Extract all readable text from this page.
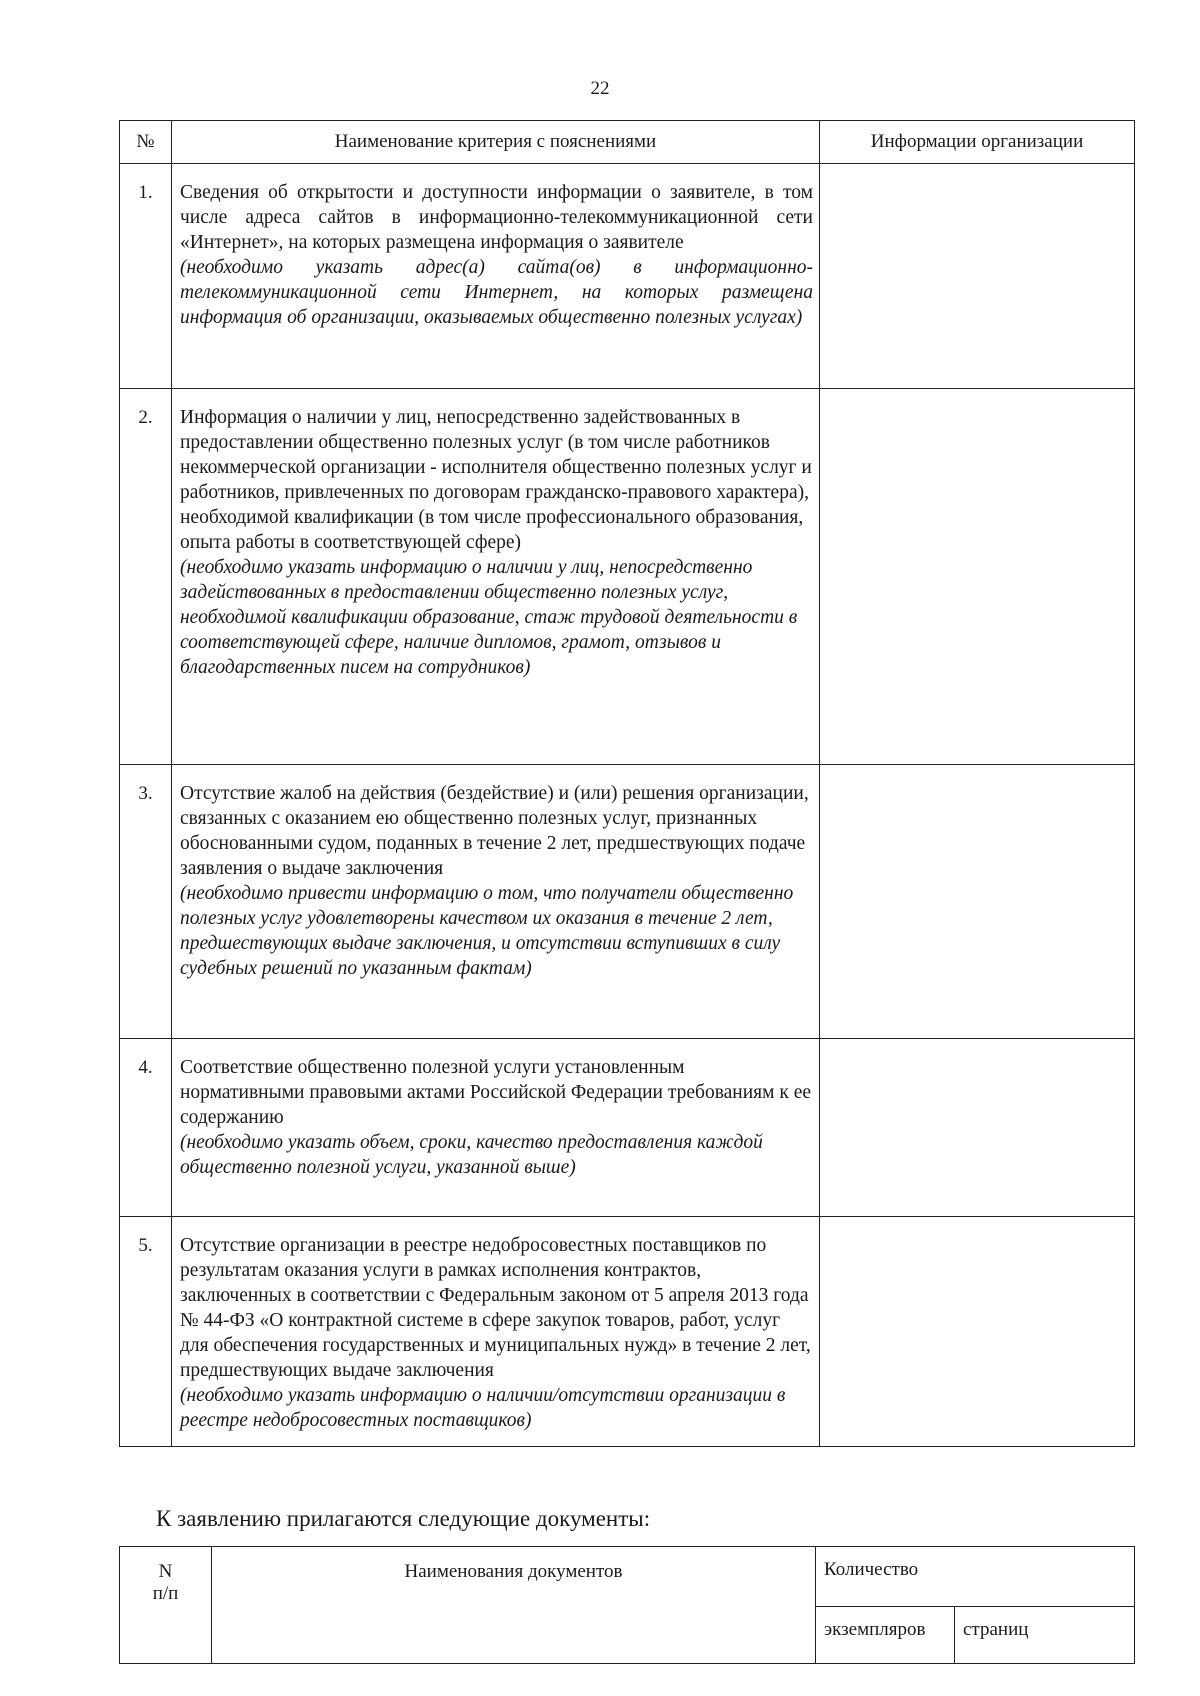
22
№	Наименование критерия с пояснениями	Информации организации
1.	Сведения об открытости и доступности информации о заявителе, в том числе адреса сайтов в информационно-телекоммуникационной сети «Интернет», на которых размещена информация о заявителе
(необходимо указать адрес(а) сайта(ов) в информационно-телекоммуникационной сети Интернет, на которых размещена информация об организации, оказываемых общественно полезных услугах)	

2.	Информация о наличии у лиц, непосредственно задействованных в предоставлении общественно полезных услуг (в том числе работников некоммерческой организации - исполнителя общественно полезных услуг и работников, привлеченных по договорам гражданско-правового характера), необходимой квалификации (в том числе профессионального образования, опыта работы в соответствующей сфере)
(необходимо указать информацию о наличии у лиц, непосредственно задействованных в предоставлении общественно полезных услуг, необходимой квалификации образование, стаж трудовой деятельности в соответствующей сфере, наличие дипломов, грамот, отзывов и благодарственных писем на сотрудников)	

3.	Отсутствие жалоб на действия (бездействие) и (или) решения организации, связанных с оказанием ею общественно полезных услуг, признанных обоснованными судом, поданных в течение 2 лет, предшествующих подаче заявления о выдаче заключения
(необходимо привести информацию о том, что получатели общественно полезных услуг удовлетворены качеством их оказания в течение 2 лет, предшествующих выдаче заключения, и отсутствии вступивших в силу судебных решений по указанным фактам)	

4.	Соответствие общественно полезной услуги установленным нормативными правовыми актами Российской Федерации требованиям к ее содержанию
(необходимо указать объем, сроки, качество предоставления каждой общественно полезной услуги, указанной выше)	

5.	Отсутствие организации в реестре недобросовестных поставщиков по результатам оказания услуги в рамках исполнения контрактов, заключенных в соответствии с Федеральным законом от 5 апреля 2013 года № 44-ФЗ «О контрактной системе в сфере закупок товаров, работ, услуг для обеспечения государственных и муниципальных нужд» в течение 2 лет, предшествующих выдаче заключения
(необходимо указать информацию о наличии/отсутствии организации в реестре недобросовестных поставщиков)	

К заявлению прилагаются следующие документы:
N
п/п	Наименования документов	Количество	
		экземпляров	страниц
